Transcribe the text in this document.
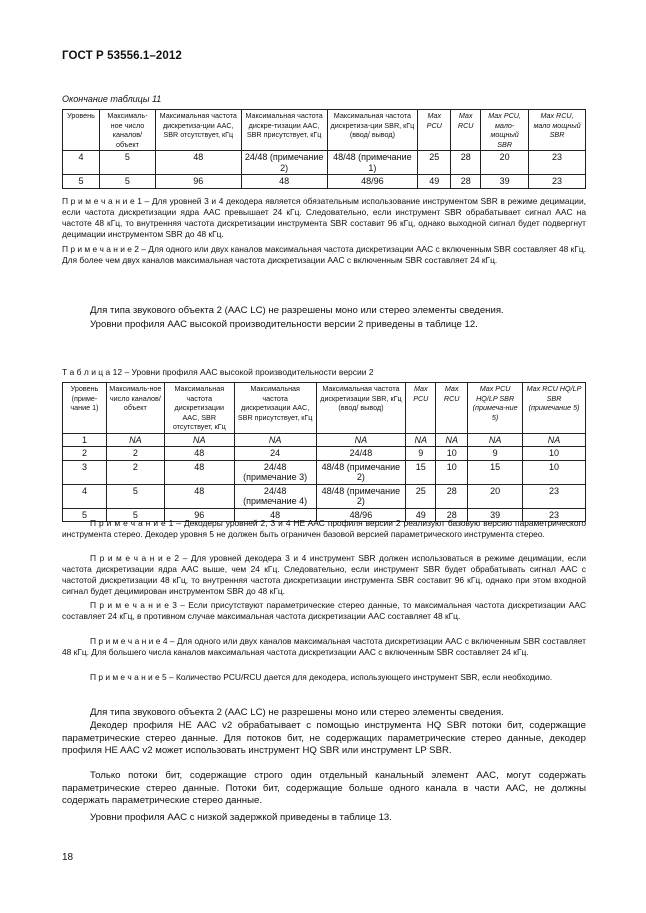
ГОСТ Р 53556.1–2012
Окончание таблицы 11
Уровень	Максималь-ное число каналов/ объект	Максимальная частота дискретиза-ции AAC, SBR отсутствует, кГц	Максимальная частота дискре-тизации AAC, SBR присутствует, кГц	Максимальная частота дискретиза-ции SBR, кГц (ввод/ вывод)	Max PCU	Max RCU	Max PCU, мало-мощный SBR	Max RCU, мало мощный SBR
4	5	48	24/48 (примечание 2)	48/48 (примечание 1)	25	28	20	23
5	5	96	48	48/96	49	28	39	23
П р и м е ч а н и е 1 – Для уровней 3 и 4 декодера является обязательным использование инструментом SBR в режиме децимации, если частота дискретизации ядра AAC превышает 24 кГц. Следовательно, если инструмент SBR обрабатывает сигнал AAC на частоте 48 кГц, то внутренняя частота дискретизации инструмента SBR составит 96 кГц, однако выходной сигнал будет подвергнут децимации инструментом SBR до 48 кГц.
П р и м е ч а н и е 2 – Для одного или двух каналов максимальная частота дискретизации AAC с включенным SBR составляет 48 кГц. Для более чем двух каналов максимальная частота дискретизации AAC с включенным SBR составляет 24 кГц.
Для типа звукового объекта 2 (AAC LC) не разрешены моно или стерео элементы сведения.
Уровни профиля AAC высокой производительности версии 2 приведены в таблице 12.
Т а б л и ц а 12 – Уровни профиля AAC высокой производительности версии 2
Уровень (приме-чание 1)	Максималь-ное число каналов/ объект	Максимальная частота дискретизации AAC, SBR отсутствует, кГц	Максимальная частота дискретизации AAC, SBR присутствует, кГц	Максимальная частота дискретизации SBR, кГц (ввод/ вывод)	Max PCU	Max RCU	Max PCU HQ/LP SBR (примеча-ние 5)	Max RCU HQ/LP SBR (примечание 5)
1	NA	NA	NA	NA	NA	NA	NA	NA
2	2	48	24	24/48	9	10	9	10
3	2	48	24/48 (примечание 3)	48/48 (примечание 2)	15	10	15	10
4	5	48	24/48 (примечание 4)	48/48 (примечание 2)	25	28	20	23
5	5	96	48	48/96	49	28	39	23
П р и м е ч а н и е 1 – Декодеры уровней 2, 3 и 4 HE AAC профиля версии 2 реализуют базовую версию параметрического инструмента стерео. Декодер уровня 5 не должен быть ограничен базовой версией параметрического инструмента стерео.
П р и м е ч а н и е 2 – Для уровней декодера 3 и 4 инструмент SBR должен использоваться в режиме децимации, если частота дискретизации ядра AAC выше, чем 24 кГц. Следовательно, если инструмент SBR будет обрабатывать сигнал AAC с частотой дискретизации 48 кГц, то внутренняя частота дискретизации инструмента SBR составит 96 кГц, однако при этом входной сигнал будет децимирован инструментом SBR до 48 кГц.
П р и м е ч а н и е 3 – Если присутствуют параметрические стерео данные, то максимальная частота дискретизации AAC составляет 24 кГц, в противном случае максимальная частота дискретизации AAC составляет 48 кГц.
П р и м е ч а н и е 4 – Для одного или двух каналов максимальная частота дискретизации AAC с включенным SBR составляет 48 кГц. Для большего числа каналов максимальная частота дискретизации AAC с включенным SBR составляет 24 кГц.
П р и м е ч а н и е 5 – Количество PCU/RCU дается для декодера, использующего инструмент SBR, если необходимо.
Для типа звукового объекта 2 (AAC LC) не разрешены моно или стерео элементы сведения.
Декодер профиля HE AAC v2 обрабатывает с помощью инструмента HQ SBR потоки бит, содержащие параметрические стерео данные. Для потоков бит, не содержащих параметрические стерео данные, декодер профиля HE AAC v2 может использовать инструмент HQ SBR или инструмент LP SBR.
Только потоки бит, содержащие строго один отдельный канальный элемент AAC, могут содержать параметрические стерео данные. Потоки бит, содержащие больше одного канала в части AAC, не должны содержать параметрические стерео данные.
Уровни профиля AAC с низкой задержкой приведены в таблице 13.
18
